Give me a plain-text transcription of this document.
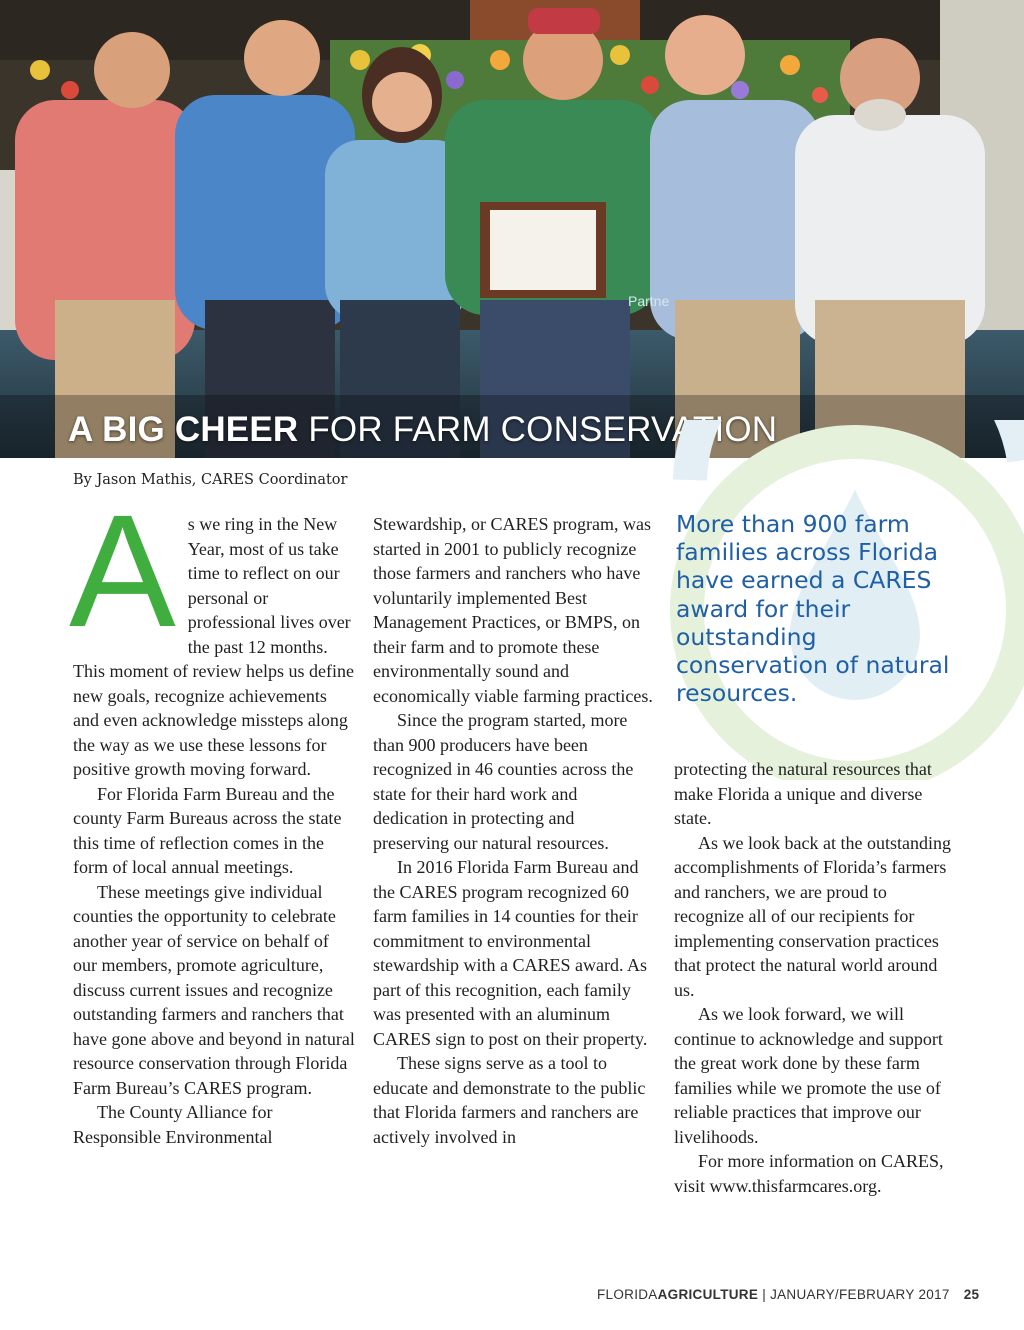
Partne
A BIG CHEER FOR FARM CONSERVATION
By Jason Mathis, CARES Coordinator

As we ring in the New Year, most of us take time to reflect on our personal or professional lives over the past 12 months. This moment of review helps us define new goals, recognize achievements and even acknowledge missteps along the way as we use these lessons for positive growth moving forward.

For Florida Farm Bureau and the county Farm Bureaus across the state this time of reflection comes in the form of local annual meetings.

These meetings give individual counties the opportunity to celebrate another year of service on behalf of our members, promote agriculture, discuss current issues and recognize outstanding farmers and ranchers that have gone above and beyond in natural resource conservation through Florida Farm Bureau’s CARES program.

The County Alliance for Responsible Environmental

Stewardship, or CARES program, was started in 2001 to publicly recognize those farmers and ranchers who have voluntarily implemented Best Management Practices, or BMPS, on their farm and to promote these environmentally sound and economically viable farming practices.

Since the program started, more than 900 producers have been recognized in 46 counties across the state for their hard work and dedication in protecting and preserving our natural resources.

In 2016 Florida Farm Bureau and the CARES program recognized 60 farm families in 14 counties for their commitment to environmental stewardship with a CARES award. As part of this recognition, each family was presented with an aluminum CARES sign to post on their property.

These signs serve as a tool to educate and demonstrate to the public that Florida farmers and ranchers are actively involved in

More than 900 farm families across Florida have earned a CARES award for their outstanding conservation of natural resources.

protecting the natural resources that make Florida a unique and diverse state.

As we look back at the outstanding accomplishments of Florida’s farmers and ranchers, we are proud to recognize all of our recipients for implementing conservation practices that protect the natural world around us.

As we look forward, we will continue to acknowledge and support the great work done by these farm families while we promote the use of reliable practices that improve our livelihoods.

For more information on CARES, visit www.thisfarmcares.org.

FLORIDAAGRICULTURE | JANUARY/FEBRUARY 2017 25
